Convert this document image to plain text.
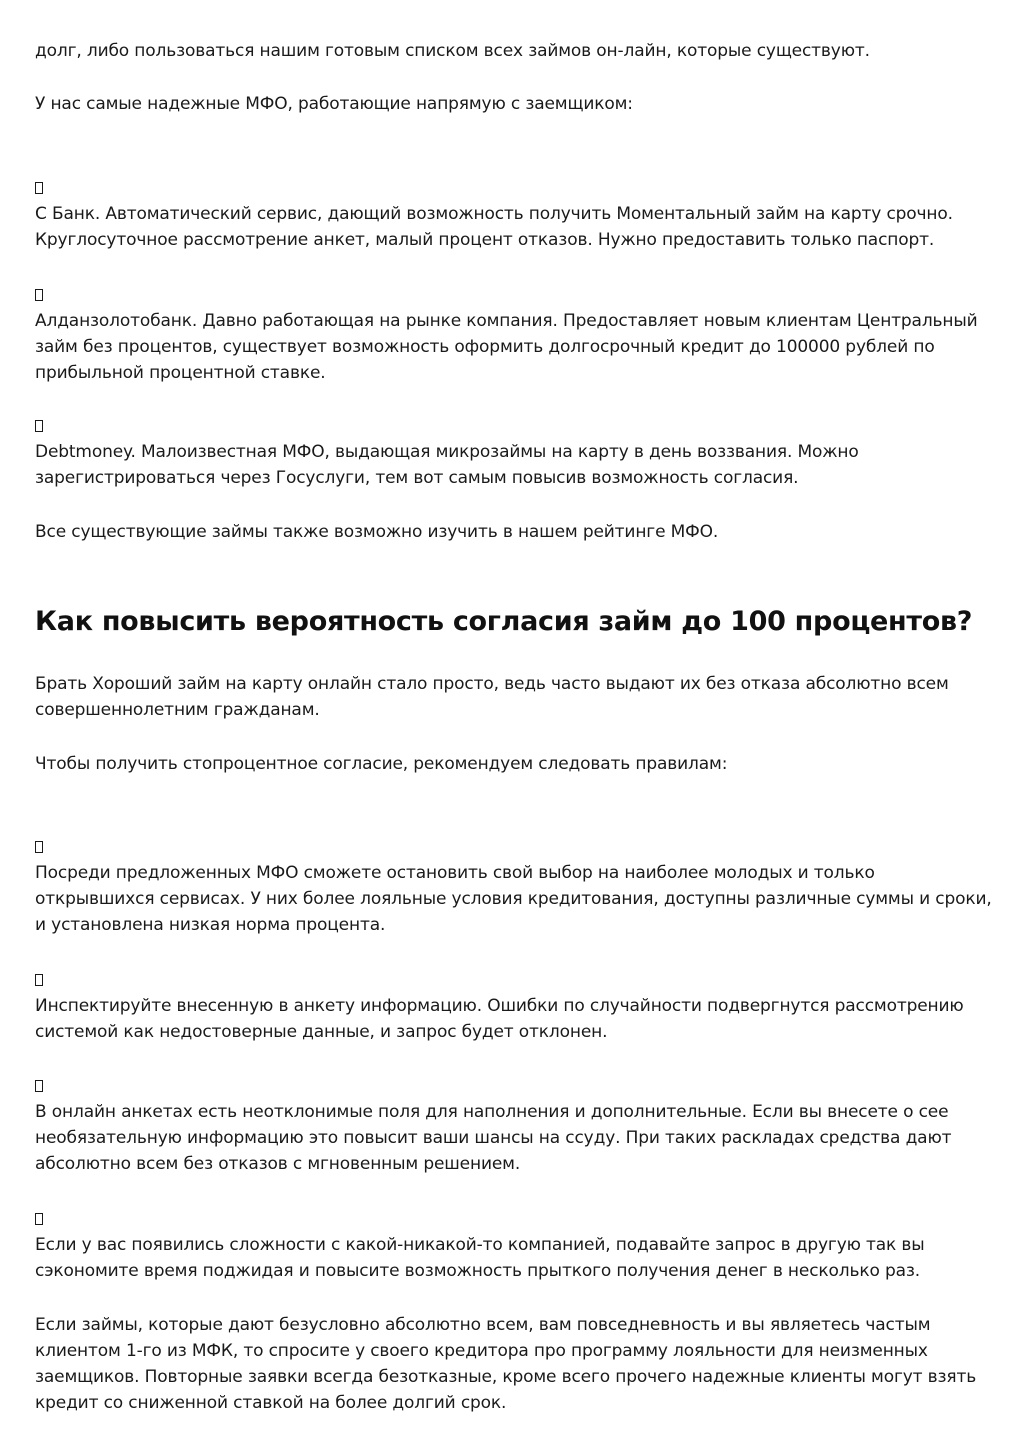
долг, либо пользоваться нашим готовым списком всех займов он-лайн, которые существуют.

У нас самые надежные МФО, работающие напрямую с заемщиком:

С Банк. Автоматический сервис, дающий возможность получить Моментальный займ на карту срочно. Круглосуточное рассмотрение анкет, малый процент отказов. Нужно предоставить только паспорт.

Алданзолотобанк. Давно работающая на рынке компания. Предоставляет новым клиентам Центральный займ без процентов, существует возможность оформить долгосрочный кредит до 100000 рублей по прибыльной процентной ставке.

Debtmoney. Малоизвестная МФО, выдающая микрозаймы на карту в день воззвания. Можно зарегистрироваться через Госуслуги, тем вот самым повысив возможность согласия.

Все существующие займы также возможно изучить в нашем рейтинге МФО.

Как повысить вероятность согласия займ до 100 процентов?

Брать Хороший займ на карту онлайн стало просто, ведь часто выдают их без отказа абсолютно всем совершеннолетним гражданам.

Чтобы получить стопроцентное согласие, рекомендуем следовать правилам:

Посреди предложенных МФО сможете остановить свой выбор на наиболее молодых и только открывшихся сервисах. У них более лояльные условия кредитования, доступны различные суммы и сроки, и установлена низкая норма процента.

Инспектируйте внесенную в анкету информацию. Ошибки по случайности подвергнутся рассмотрению системой как недостоверные данные, и запрос будет отклонен.

В онлайн анкетах есть неотклонимые поля для наполнения и дополнительные. Если вы внесете о сее необязательную информацию это повысит ваши шансы на ссуду. При таких раскладах средства дают абсолютно всем без отказов с мгновенным решением.

Если у вас появились сложности с какой-никакой-то компанией, подавайте запрос в другую так вы сэкономите время поджидая и повысите возможность прыткого получения денег в несколько раз.

Если займы, которые дают безусловно абсолютно всем, вам повседневность и вы являетесь частым клиентом 1-го из МФК, то спросите у своего кредитора про программу лояльности для неизменных заемщиков. Повторные заявки всегда безотказные, кроме всего прочего надежные клиенты могут взять кредит со сниженной ставкой на более долгий срок.
